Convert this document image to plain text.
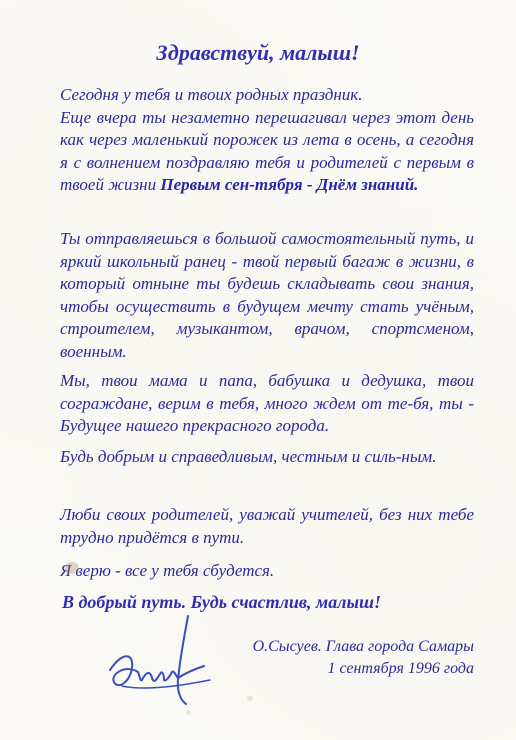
Здравствуй, малыш!

Сегодня у тебя и твоих родных праздник.
Еще вчера ты незаметно перешагивал через этот день как через маленький порожек из лета в осень, а сегодня я с волнением поздравляю тебя и родителей с первым в твоей жизни Первым сен-тября - Днём знаний.

Ты отправляешься в большой самостоятельный путь, и яркий школьный ранец - твой первый багаж в жизни, в который отныне ты будешь складывать свои знания, чтобы осуществить в будущем мечту стать учёным, строителем, музыкантом, врачом, спортсменом, военным.

Мы, твои мама и папа, бабушка и дедушка, твои сограждане, верим в тебя, много ждем от те-бя, ты - Будущее нашего прекрасного города.

Будь добрым и справедливым, честным и силь-ным.

Люби своих родителей, уважай учителей, без них тебе трудно придётся в пути.

Я верю - все у тебя сбудется.

В добрый путь. Будь счастлив, малыш!

О.Сысуев. Глава города Самары
1 сентября 1996 года
